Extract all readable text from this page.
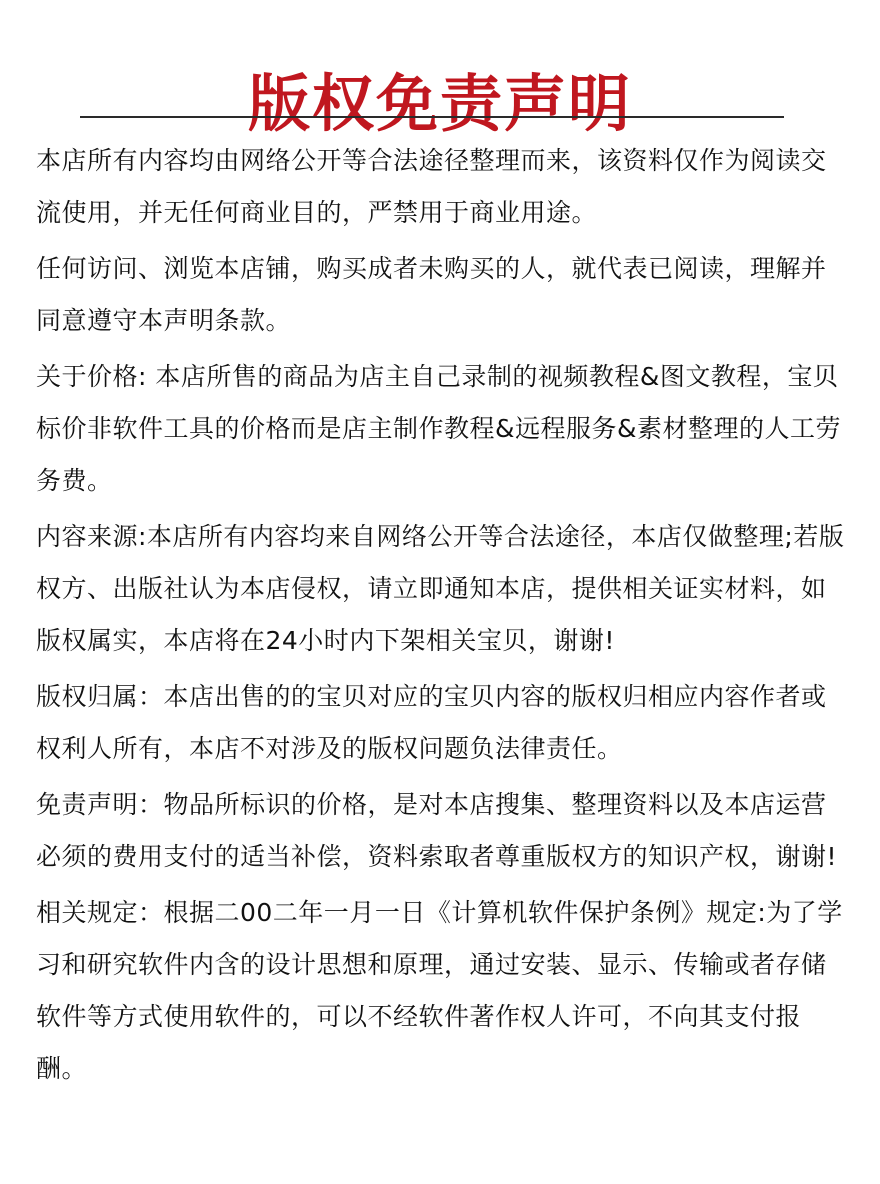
版权免责声明

本店所有内容均由网络公开等合法途径整理而来，该资料仅作为阅读交流使用，并无任何商业目的，严禁用于商业用途。

任何访问、浏览本店铺，购买成者未购买的人，就代表已阅读，理解并同意遵守本声明条款。

关于价格: 本店所售的商品为店主自己录制的视频教程&图文教程，宝贝标价非软件工具的价格而是店主制作教程&远程服务&素材整理的人工劳务费。

内容来源:本店所有内容均来自网络公开等合法途径，本店仅做整理;若版权方、出版社认为本店侵权，请立即通知本店，提供相关证实材料，如版权属实，本店将在24小时内下架相关宝贝，谢谢!

版权归属：本店出售的的宝贝对应的宝贝内容的版权归相应内容作者或权利人所有，本店不对涉及的版权问题负法律责任。

免责声明：物品所标识的价格，是对本店搜集、整理资料以及本店运营必须的费用支付的适当补偿，资料索取者尊重版权方的知识产权，谢谢!

相关规定：根据二00二年一月一日《计算机软件保护条例》规定:为了学习和研究软件内含的设计思想和原理，通过安装、显示、传输或者存储软件等方式使用软件的，可以不经软件著作权人许可，不向其支付报酬。
